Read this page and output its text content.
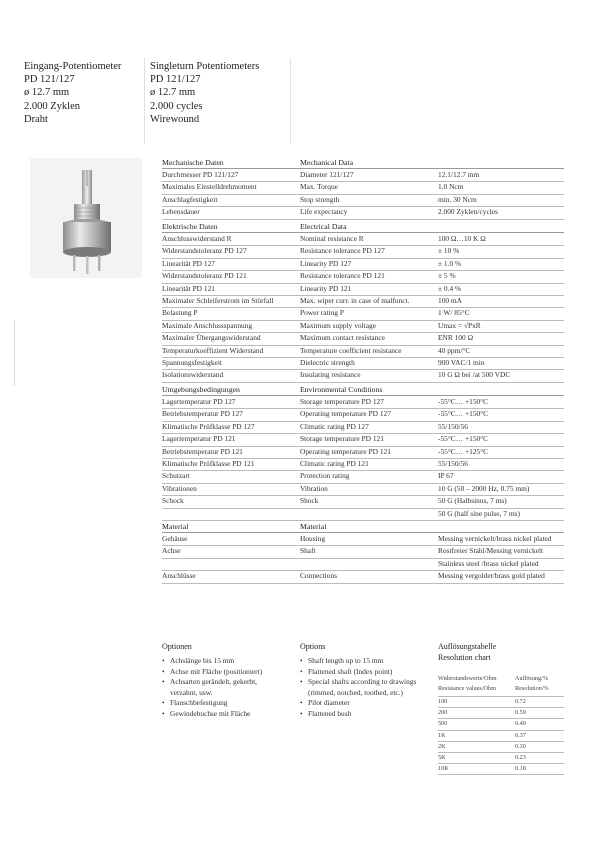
Eingang-Potentiometer
PD 121/127
ø 12.7 mm
2.000 Zyklen
Draht
Singleturn Potentiometers
PD 121/127
ø 12.7 mm
2.000 cycles
Wirewound
Mechanische Daten	Mechanical Data
Durchmesser PD 121/127	Diameter 121/127	12.1/12.7 mm
Maximales Einstelldrehmoment	Max. Torque	1.0 Ncm
Anschlagfestigkeit	Stop strength	min. 30 Ncm
Lebensdauer	Life expectancy	2.000 Zyklen/cycles
Elektrische Daten	Electrical Data
Anschlusswiderstand R	Nominal resistance R	100 Ω…10 K Ω
Widerstandstoleranz PD 127	Resistance tolerance PD 127	± 10 %
Linearität PD 127	Linearity PD 127	± 1.0 %
Widerstandstoleranz PD 121	Resistance tolerance PD 121	± 5 %
Linearität PD 121	Linearity PD 121	± 0.4 %
Maximaler Schleiferstrom im Störfall	Max. wiper curr. in case of malfunct.	100 mA
Belastung P	Power rating P	1 W/ 85°C
Maximale Anschlussspannung	Maximum supply voltage	Umax = √PxR
Maximaler Übergangswiderstand	Maximum contact resistance	ENR 100 Ω
Temperaturkoeffizient Widerstand	Temperature coefficient resistance	40 ppm/°C
Spannungsfestigkeit	Dielectric strength	900 VAC/1 min
Isolationswiderstand	Insulating resistance	10 G Ω bei /at 500 VDC
Umgebungsbedingungen	Environmental Conditions
Lagertemperatur PD 127	Storage temperature PD 127	-55°C… +150°C
Betriebstemperatur PD 127	Operating temperature PD 127	-55°C… +150°C
Klimatische Prüfklasse PD 127	Climatic rating PD 127	55/150/56
Lagertemperatur PD 121	Storage temperature PD 121	-55°C… +150°C
Betriebstemperatur PD 121	Operating temperature PD 121	-55°C… +125°C
Klimatische Prüfklasse PD 121	Climatic rating PD 121	55/150/56
Schutzart	Protection rating	IP 67
Vibrationen	Vibration	10 G (50 – 2000 Hz, 0.75 mm)
Schock	Shock	50 G (Halbsinus, 7 ms)
50 G (half sine pulse, 7 ms)
Material	Material
Gehäuse	Housing	Messing vernickelt/brass nickel plated
Achse	Shaft	Rostfreier Stahl/Messing vernickelt
Stainless steel /brass nickel plated
Anschlüsse	Connections	Messing vergoldet/brass gold plated
Optionen
• Achslänge bis 15 mm
• Achse mit Fläche (positioniert)
• Achsarten gerändelt, gekerbt,
verzahnt, usw.
• Flanschbefestigung
• Gewindebuchse mit Fläche
Options
• Shaft length up to 15 mm
• Flattened shaft (Index point)
• Special shafts according to drawings
(rimmed, notched, toothed, etc.)
• Pilot diameter
• Flattened bush
Auflösungstabelle
Resolution chart
Widerstandswerte/Ohm
Resistance values/Ohm
Auflösung/%
Resolution/%
100	0.72
200	0.59
500	0.49
1K	0.37
2K	0.30
5K	0.23
10K	0.18
